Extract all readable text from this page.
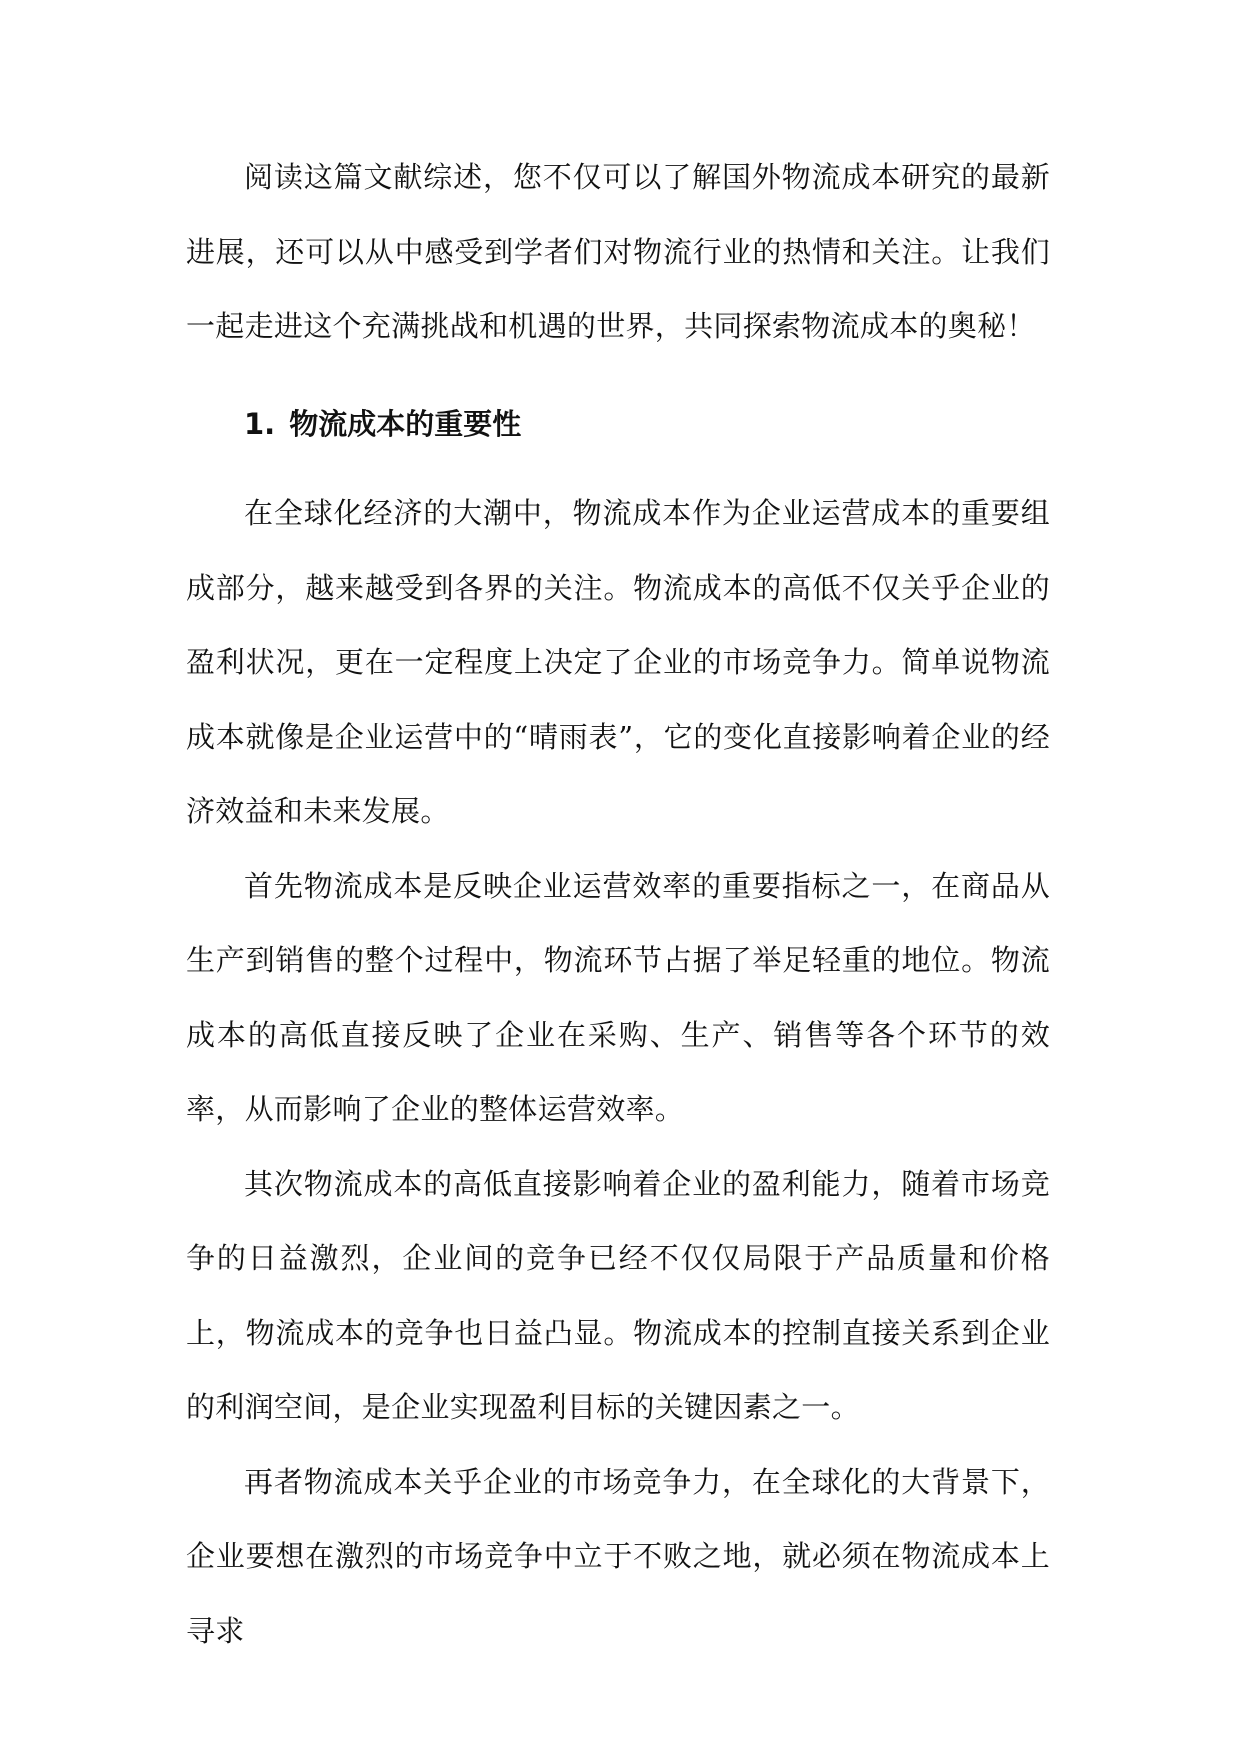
阅读这篇文献综述，您不仅可以了解国外物流成本研究的最新进展，还可以从中感受到学者们对物流行业的热情和关注。让我们一起走进这个充满挑战和机遇的世界，共同探索物流成本的奥秘！

1. 物流成本的重要性

在全球化经济的大潮中，物流成本作为企业运营成本的重要组成部分，越来越受到各界的关注。物流成本的高低不仅关乎企业的盈利状况，更在一定程度上决定了企业的市场竞争力。简单说物流成本就像是企业运营中的“晴雨表”，它的变化直接影响着企业的经济效益和未来发展。

首先物流成本是反映企业运营效率的重要指标之一，在商品从生产到销售的整个过程中，物流环节占据了举足轻重的地位。物流成本的高低直接反映了企业在采购、生产、销售等各个环节的效率，从而影响了企业的整体运营效率。

其次物流成本的高低直接影响着企业的盈利能力，随着市场竞争的日益激烈，企业间的竞争已经不仅仅局限于产品质量和价格上，物流成本的竞争也日益凸显。物流成本的控制直接关系到企业的利润空间，是企业实现盈利目标的关键因素之一。

再者物流成本关乎企业的市场竞争力，在全球化的大背景下，企业要想在激烈的市场竞争中立于不败之地，就必须在物流成本上寻求
